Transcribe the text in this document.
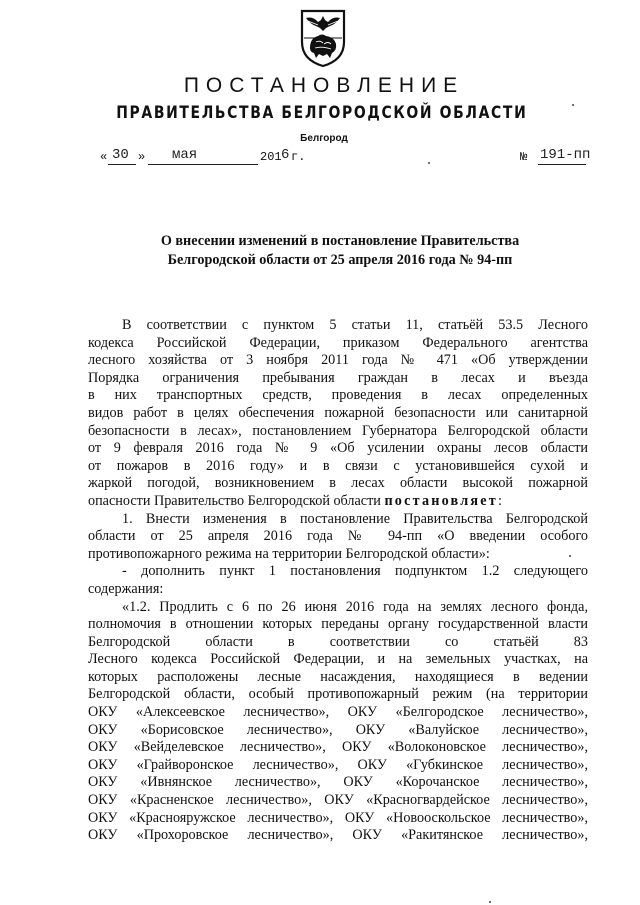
ПОСТАНОВЛЕНИЕ
ПРАВИТЕЛЬСТВА БЕЛГОРОДСКОЙ ОБЛАСТИ
Белгород
« 30 » мая	201 6 г.	№ 191-пп
О внесении изменений в постановление Правительства
Белгородской области от 25 апреля 2016 года № 94-пп
В соответствии с пунктом 5 статьи 11, статьёй 53.5 Лесного
кодекса Российской Федерации, приказом Федерального агентства
лесного хозяйства от 3 ноября 2011 года № 471 «Об утверждении
Порядка ограничения пребывания граждан в лесах и въезда
в них транспортных средств, проведения в лесах определенных
видов работ в целях обеспечения пожарной безопасности или санитарной
безопасности в лесах», постановлением Губернатора Белгородской области
от 9 февраля 2016 года № 9 «Об усилении охраны лесов области
от пожаров в 2016 году» и в связи с установившейся сухой и
жаркой погодой, возникновением в лесах области высокой пожарной
опасности Правительство Белгородской области постановляет:
1. Внести изменения в постановление Правительства Белгородской
области от 25 апреля 2016 года № 94-пп «О введении особого
противопожарного режима на территории Белгородской области»:
- дополнить пункт 1 постановления подпунктом 1.2 следующего
содержания:
«1.2. Продлить с 6 по 26 июня 2016 года на землях лесного фонда,
полномочия в отношении которых переданы органу государственной власти
Белгородской области в соответствии со статьёй 83
Лесного кодекса Российской Федерации, и на земельных участках, на
которых расположены лесные насаждения, находящиеся в ведении
Белгородской области, особый противопожарный режим (на территории
ОКУ «Алексеевское лесничество», ОКУ «Белгородское лесничество»,
ОКУ «Борисовское лесничество», ОКУ «Валуйское лесничество»,
ОКУ «Вейделевское лесничество», ОКУ «Волоконовское лесничество»,
ОКУ «Грайворонское лесничество», ОКУ «Губкинское лесничество»,
ОКУ «Ивнянское лесничество», ОКУ «Корочанское лесничество»,
ОКУ «Красненское лесничество», ОКУ «Красногвардейское лесничество»,
ОКУ «Краснояружское лесничество», ОКУ «Новооскольское лесничество»,
ОКУ «Прохоровское лесничество», ОКУ «Ракитянское лесничество»,
